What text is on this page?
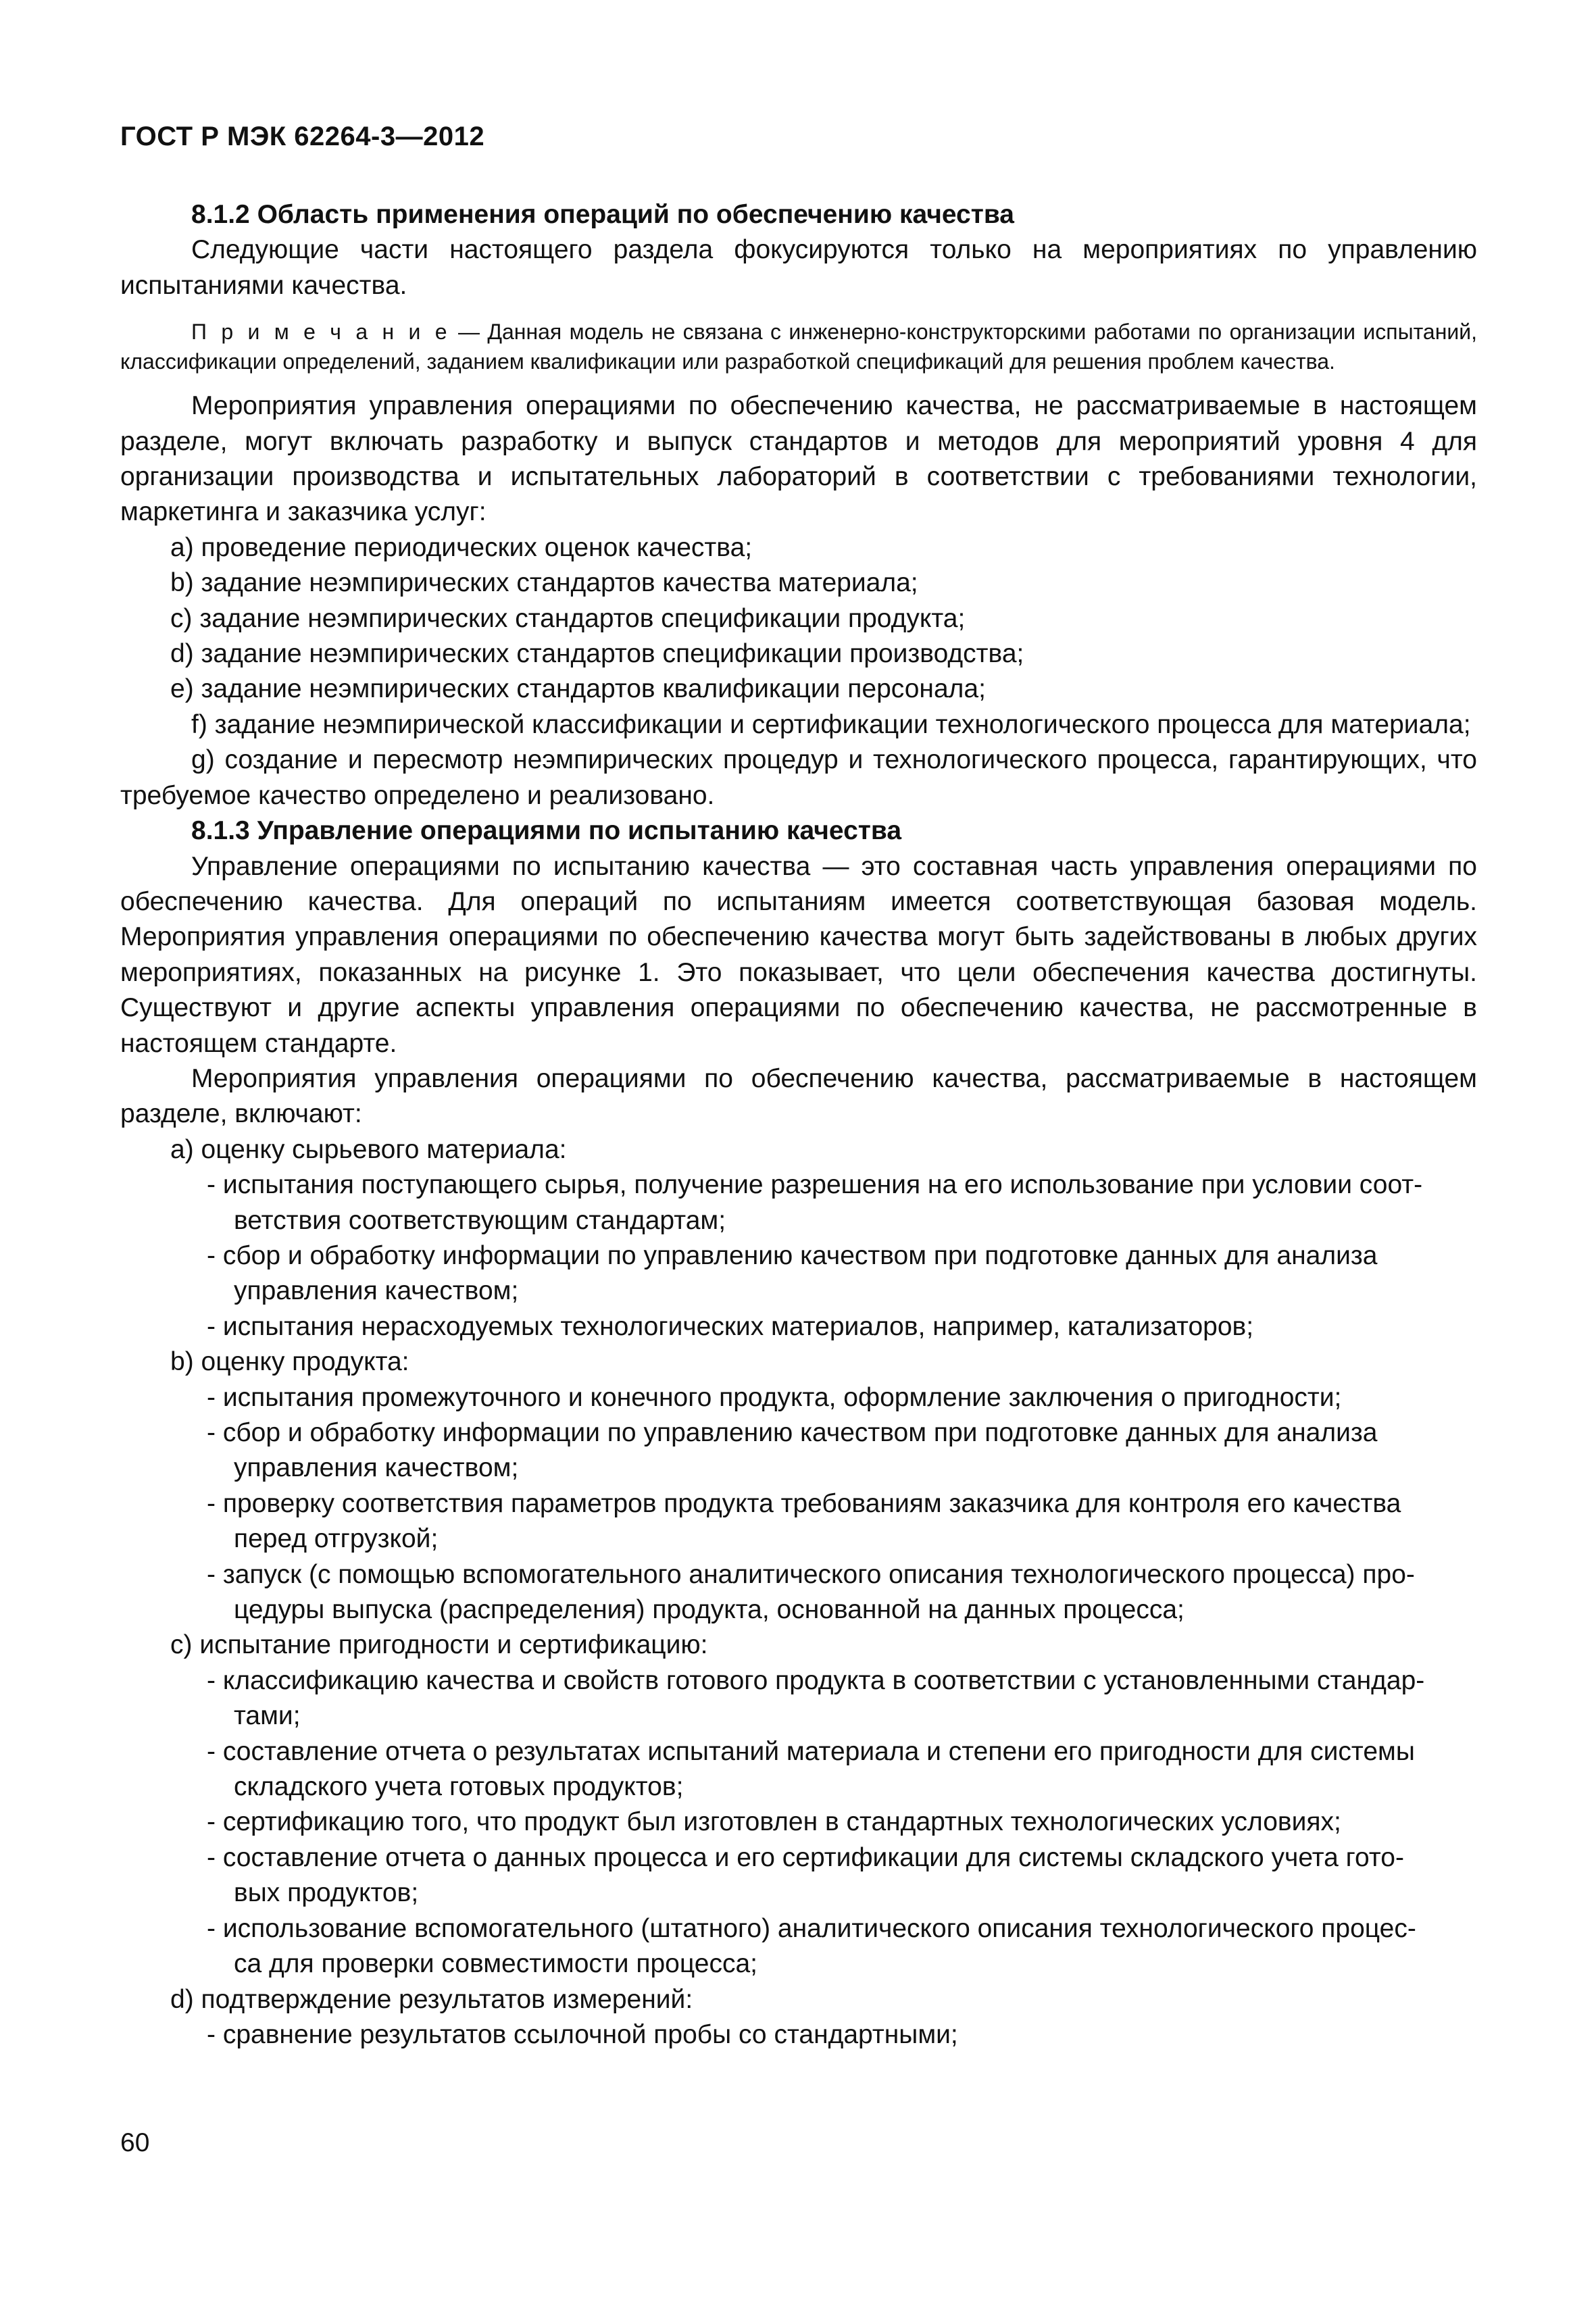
ГОСТ Р МЭК 62264-3—2012

8.1.2 Область применения операций по обеспечению качества

Следующие части настоящего раздела фокусируются только на мероприятиях по управлению испытаниями качества.

П р и м е ч а н и е — Данная модель не связана с инженерно-конструкторскими работами по организации испытаний, классификации определений, заданием квалификации или разработкой спецификаций для решения проблем качества.

Мероприятия управления операциями по обеспечению качества, не рассматриваемые в настоящем разделе, могут включать разработку и выпуск стандартов и методов для мероприятий уровня 4 для организации производства и испытательных лабораторий в соответствии с требованиями технологии, маркетинга и заказчика услуг:

a) проведение периодических оценок качества;

b) задание неэмпирических стандартов качества материала;

c) задание неэмпирических стандартов спецификации продукта;

d) задание неэмпирических стандартов спецификации производства;

e) задание неэмпирических стандартов квалификации персонала;

f) задание неэмпирической классификации и сертификации технологического процесса для материала;

g) создание и пересмотр неэмпирических процедур и технологического процесса, гарантирующих, что требуемое качество определено и реализовано.

8.1.3 Управление операциями по испытанию качества

Управление операциями по испытанию качества — это составная часть управления операциями по обеспечению качества. Для операций по испытаниям имеется соответствующая базовая модель. Мероприятия управления операциями по обеспечению качества могут быть задействованы в любых других мероприятиях, показанных на рисунке 1. Это показывает, что цели обеспечения качества достигнуты. Существуют и другие аспекты управления операциями по обеспечению качества, не рассмотренные в настоящем стандарте.

Мероприятия управления операциями по обеспечению качества, рассматриваемые в настоящем разделе, включают:

a) оценку сырьевого материала:

- испытания поступающего сырья, получение разрешения на его использование при условии соот-
ветствия соответствующим стандартам;

- сбор и обработку информации по управлению качеством при подготовке данных для анализа
управления качеством;

- испытания нерасходуемых технологических материалов, например, катализаторов;

b) оценку продукта:

- испытания промежуточного и конечного продукта, оформление заключения о пригодности;

- сбор и обработку информации по управлению качеством при подготовке данных для анализа
управления качеством;

- проверку соответствия параметров продукта требованиям заказчика для контроля его качества
перед отгрузкой;

- запуск (с помощью вспомогательного аналитического описания технологического процесса) про-
цедуры выпуска (распределения) продукта, основанной на данных процесса;

c) испытание пригодности и сертификацию:

- классификацию качества и свойств готового продукта в соответствии с установленными стандар-
тами;

- составление отчета о результатах испытаний материала и степени его пригодности для системы
складского учета готовых продуктов;

- сертификацию того, что продукт был изготовлен в стандартных технологических условиях;

- составление отчета о данных процесса и его сертификации для системы складского учета гото-
вых продуктов;

- использование вспомогательного (штатного) аналитического описания технологического процес-
са для проверки совместимости процесса;

d) подтверждение результатов измерений:

- сравнение результатов ссылочной пробы со стандартными;

60
